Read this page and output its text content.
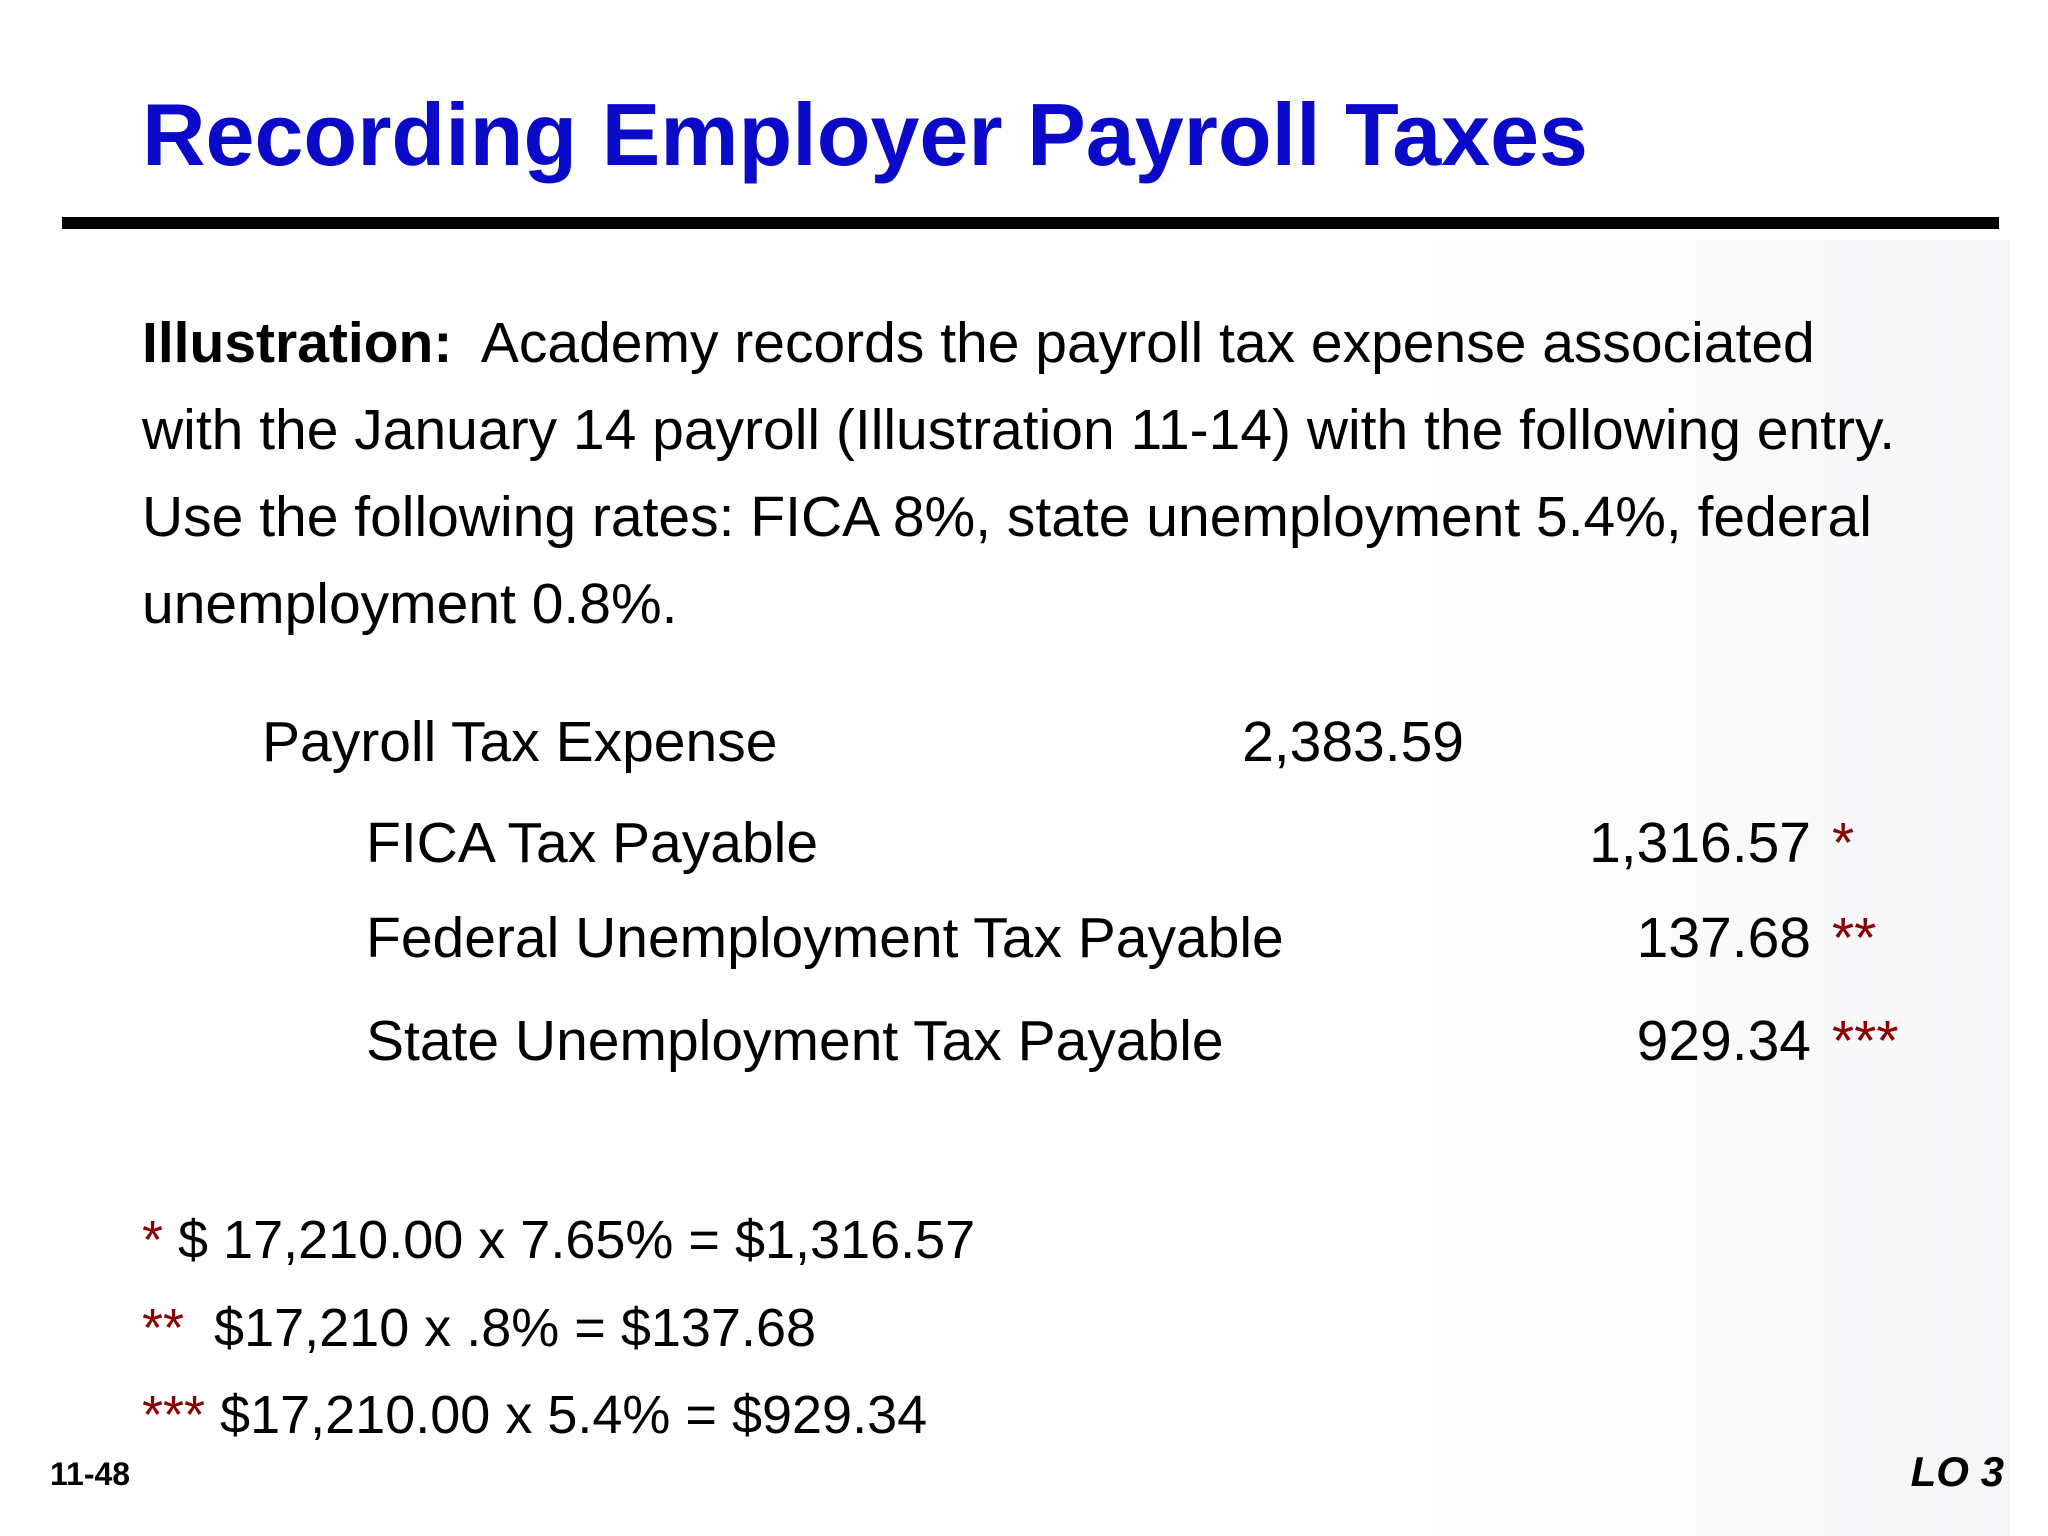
Recording Employer Payroll Taxes
Illustration: Academy records the payroll tax expense associated with the January 14 payroll (Illustration 11-14) with the following entry. Use the following rates: FICA 8%, state unemployment 5.4%, federal unemployment 0.8%.
Payroll Tax Expense	2,383.59
FICA Tax Payable	1,316.57 *
Federal Unemployment Tax Payable	137.68 **
State Unemployment Tax Payable	929.34 ***
* $ 17,210.00 x 7.65% = $1,316.57
**  $17,210 x .8% = $137.68
*** $17,210.00 x 5.4% = $929.34
11-48	LO 3
